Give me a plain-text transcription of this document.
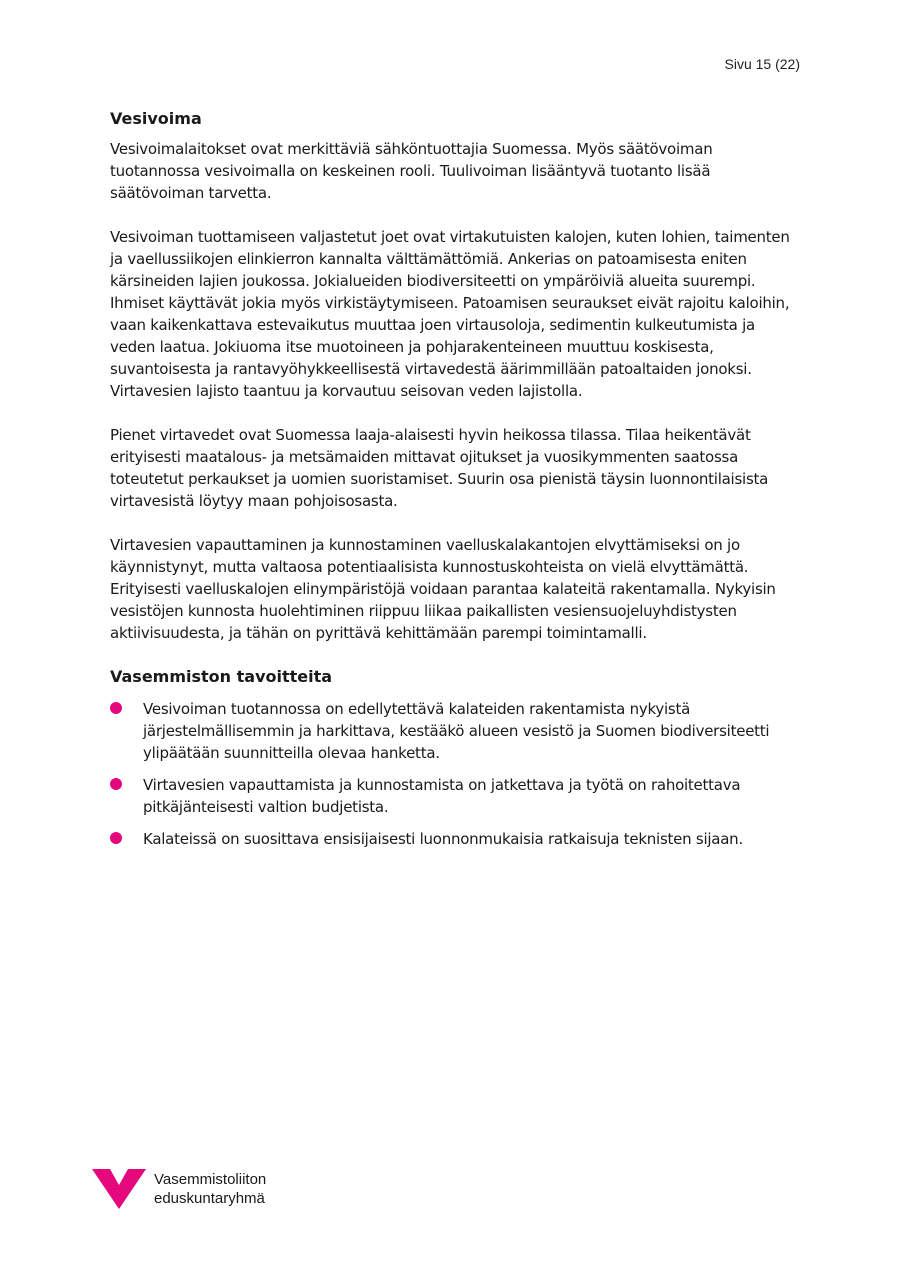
Sivu 15 (22)
Vesivoima

Vesivoimalaitokset ovat merkittäviä sähköntuottajia Suomessa. Myös säätövoiman tuotannossa vesivoimalla on keskeinen rooli. Tuulivoiman lisääntyvä tuotanto lisää säätövoiman tarvetta.

Vesivoiman tuottamiseen valjastetut joet ovat virtakutuisten kalojen, kuten lohien, taimenten ja vaellussiikojen elinkierron kannalta välttämättömiä. Ankerias on patoamisesta eniten kärsineiden lajien joukossa. Jokialueiden biodiversiteetti on ympäröiviä alueita suurempi. Ihmiset käyttävät jokia myös virkistäytymiseen. Patoamisen seuraukset eivät rajoitu kaloihin, vaan kaikenkattava estevaikutus muuttaa joen virtausoloja, sedimentin kulkeutumista ja veden laatua. Jokiuoma itse muotoineen ja pohjarakenteineen muuttuu koskisesta, suvantoisesta ja rantavyöhykkeellisestä virtavedestä äärimmillään patoaltaiden jonoksi. Virtavesien lajisto taantuu ja korvautuu seisovan veden lajistolla.

Pienet virtavedet ovat Suomessa laaja-alaisesti hyvin heikossa tilassa. Tilaa heikentävät erityisesti maatalous- ja metsämaiden mittavat ojitukset ja vuosikymmenten saatossa toteutetut perkaukset ja uomien suoristamiset. Suurin osa pienistä täysin luonnontilaisista virtavesistä löytyy maan pohjoisosasta.

Virtavesien vapauttaminen ja kunnostaminen vaelluskalakantojen elvyttämiseksi on jo käynnistynyt, mutta valtaosa potentiaalisista kunnostuskohteista on vielä elvyttämättä. Erityisesti vaelluskalojen elinympäristöjä voidaan parantaa kalateitä rakentamalla. Nykyisin vesistöjen kunnosta huolehtiminen riippuu liikaa paikallisten vesiensuojeluyhdistysten aktiivisuudesta, ja tähän on pyrittävä kehittämään parempi toimintamalli.

Vasemmiston tavoitteita
Vesivoiman tuotannossa on edellytettävä kalateiden rakentamista nykyistä järjestelmällisemmin ja harkittava, kestääkö alueen vesistö ja Suomen biodiversiteetti ylipäätään suunnitteilla olevaa hanketta.
Virtavesien vapauttamista ja kunnostamista on jatkettava ja työtä on rahoitettava pitkäjänteisesti valtion budjetista.
Kalateissä on suosittava ensisijaisesti luonnonmukaisia ratkaisuja teknisten sijaan.
Vasemmistoliiton
eduskuntaryhmä
